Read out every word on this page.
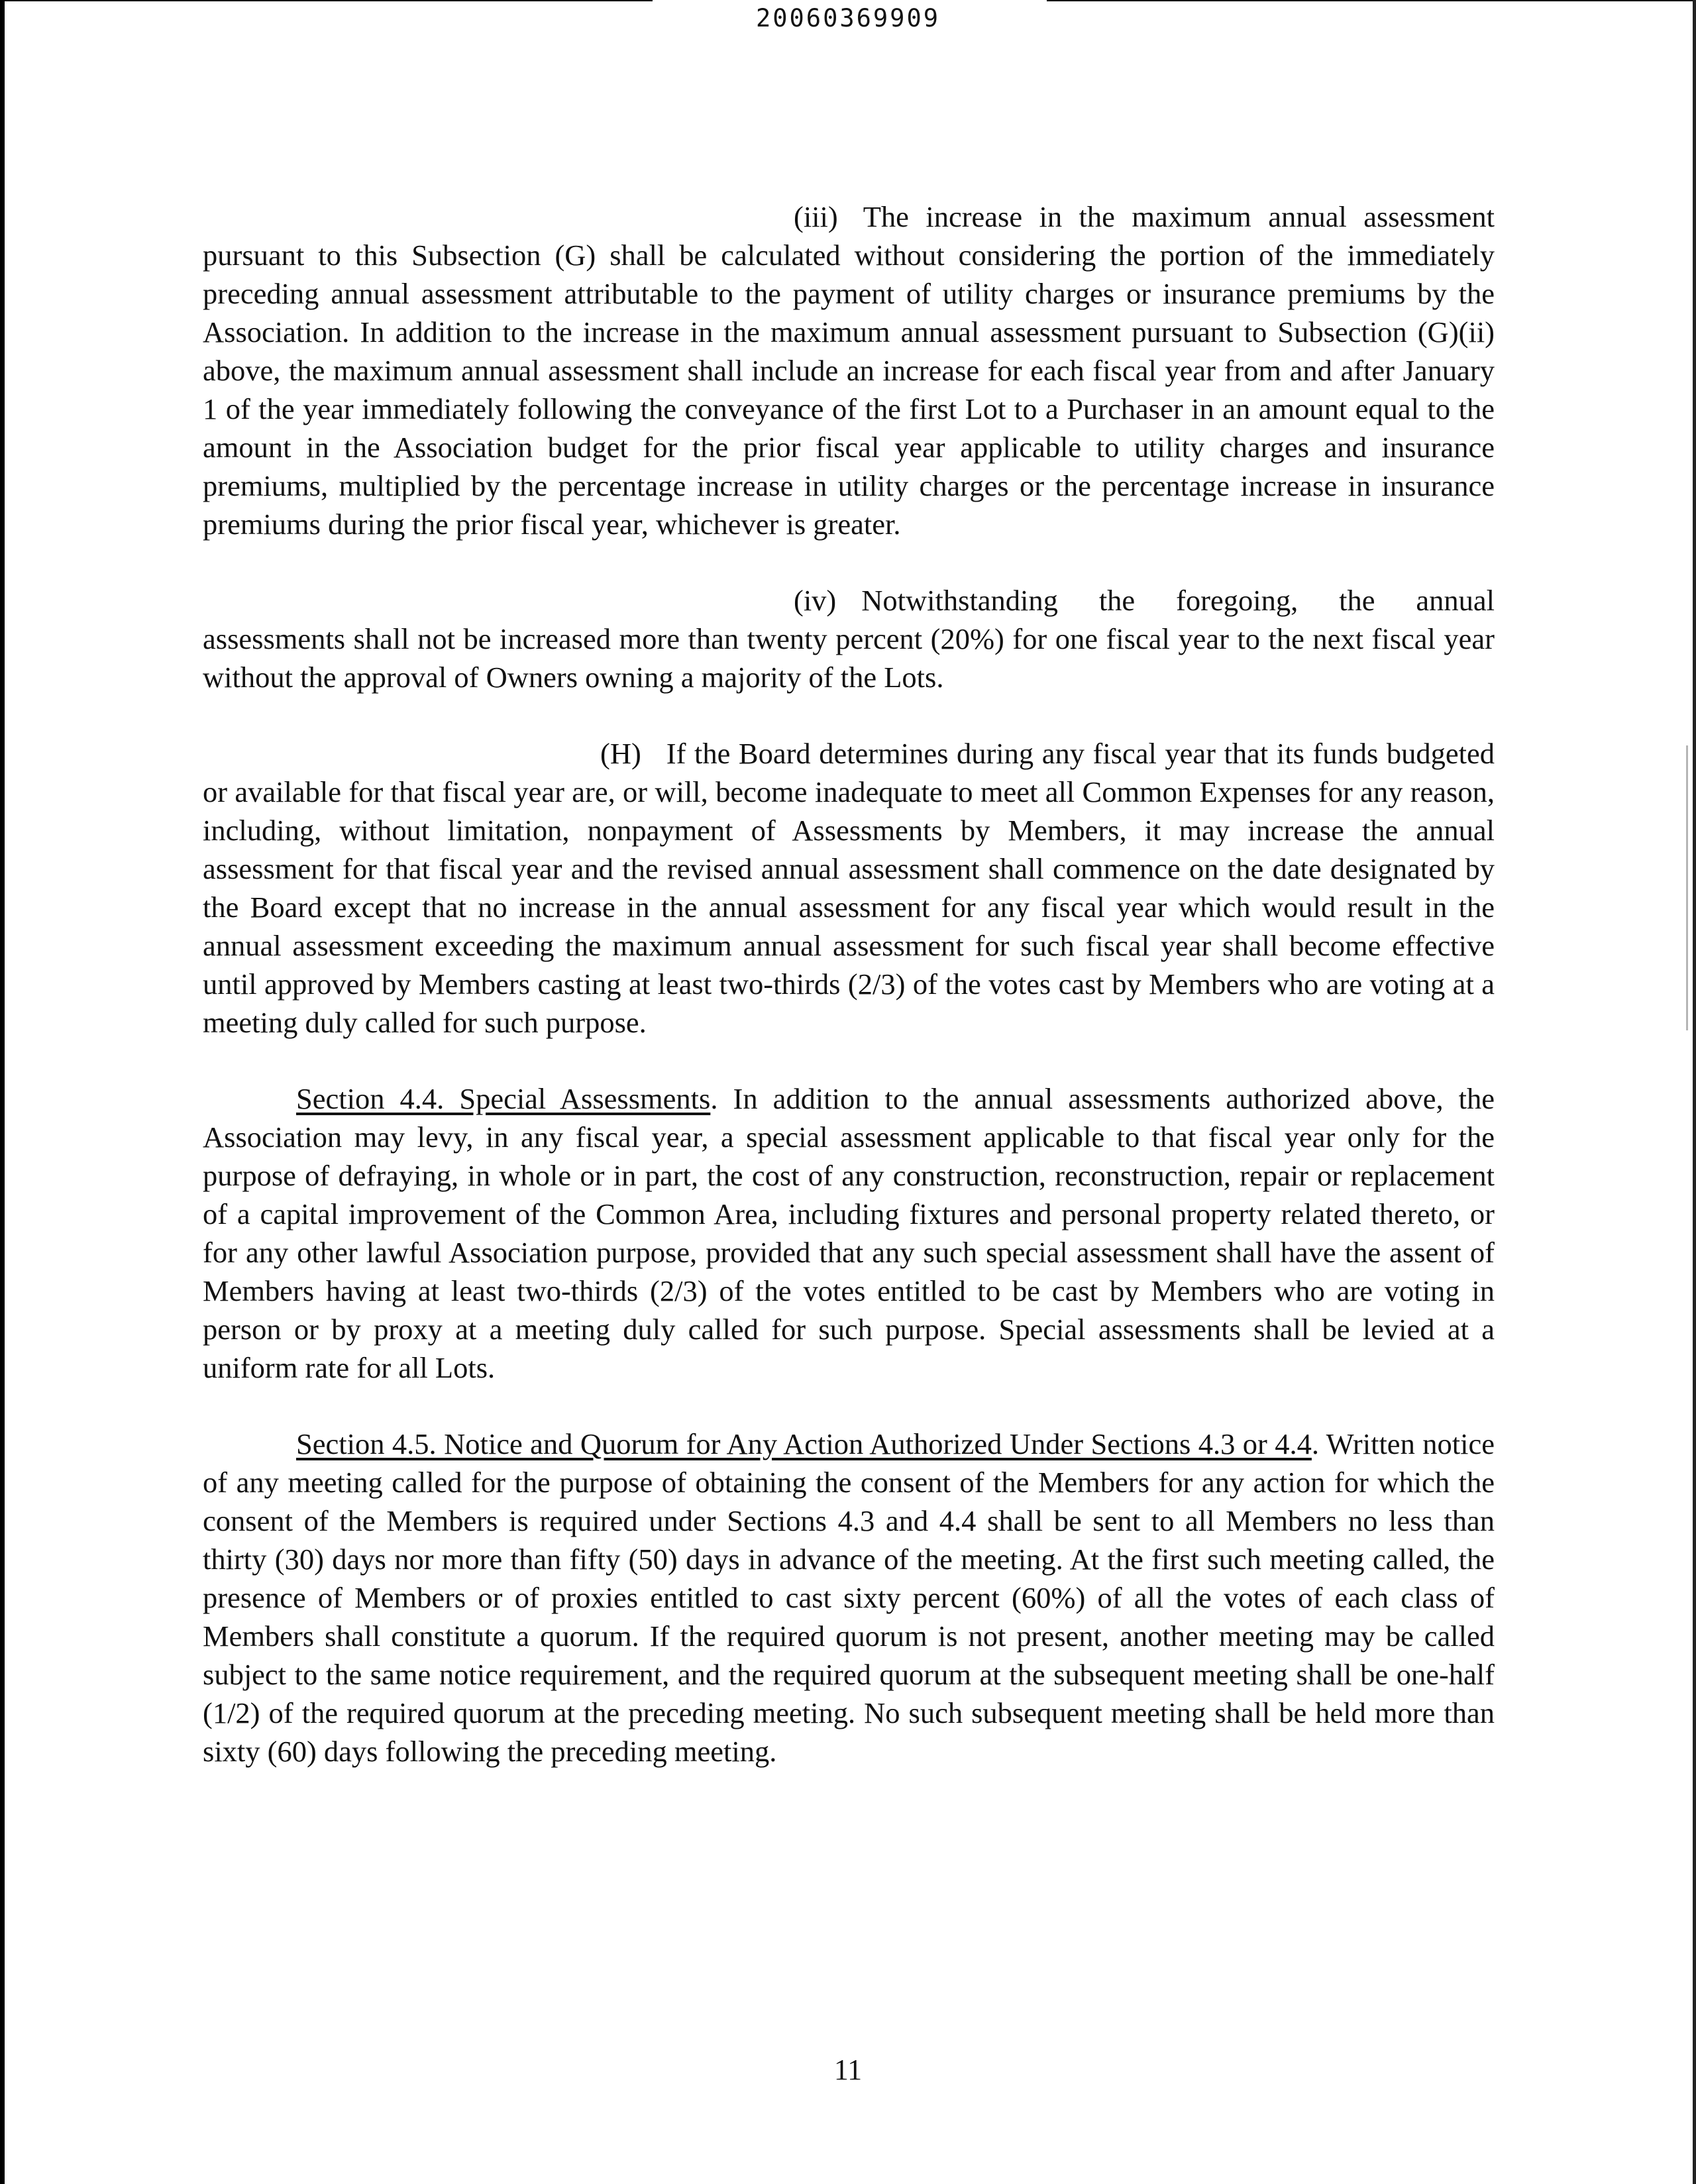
20060369909

(iii) The increase in the maximum annual assessment pursuant to this Subsection (G) shall be calculated without considering the portion of the immediately preceding annual assessment attributable to the payment of utility charges or insurance premiums by the Association. In addition to the increase in the maximum annual assessment pursuant to Subsection (G)(ii) above, the maximum annual assessment shall include an increase for each fiscal year from and after January 1 of the year immediately following the conveyance of the first Lot to a Purchaser in an amount equal to the amount in the Association budget for the prior fiscal year applicable to utility charges and insurance premiums, multiplied by the percentage increase in utility charges or the percentage increase in insurance premiums during the prior fiscal year, whichever is greater.

(iv) Notwithstanding the foregoing, the annual assessments shall not be increased more than twenty percent (20%) for one fiscal year to the next fiscal year without the approval of Owners owning a majority of the Lots.

(H) If the Board determines during any fiscal year that its funds budgeted or available for that fiscal year are, or will, become inadequate to meet all Common Expenses for any reason, including, without limitation, nonpayment of Assessments by Members, it may increase the annual assessment for that fiscal year and the revised annual assessment shall commence on the date designated by the Board except that no increase in the annual assessment for any fiscal year which would result in the annual assessment exceeding the maximum annual assessment for such fiscal year shall become effective until approved by Members casting at least two-thirds (2/3) of the votes cast by Members who are voting at a meeting duly called for such purpose.

Section 4.4. Special Assessments. In addition to the annual assessments authorized above, the Association may levy, in any fiscal year, a special assessment applicable to that fiscal year only for the purpose of defraying, in whole or in part, the cost of any construction, reconstruction, repair or replacement of a capital improvement of the Common Area, including fixtures and personal property related thereto, or for any other lawful Association purpose, provided that any such special assessment shall have the assent of Members having at least two-thirds (2/3) of the votes entitled to be cast by Members who are voting in person or by proxy at a meeting duly called for such purpose. Special assessments shall be levied at a uniform rate for all Lots.

Section 4.5. Notice and Quorum for Any Action Authorized Under Sections 4.3 or 4.4. Written notice of any meeting called for the purpose of obtaining the consent of the Members for any action for which the consent of the Members is required under Sections 4.3 and 4.4 shall be sent to all Members no less than thirty (30) days nor more than fifty (50) days in advance of the meeting. At the first such meeting called, the presence of Members or of proxies entitled to cast sixty percent (60%) of all the votes of each class of Members shall constitute a quorum. If the required quorum is not present, another meeting may be called subject to the same notice requirement, and the required quorum at the subsequent meeting shall be one-half (1/2) of the required quorum at the preceding meeting. No such subsequent meeting shall be held more than sixty (60) days following the preceding meeting.

11
